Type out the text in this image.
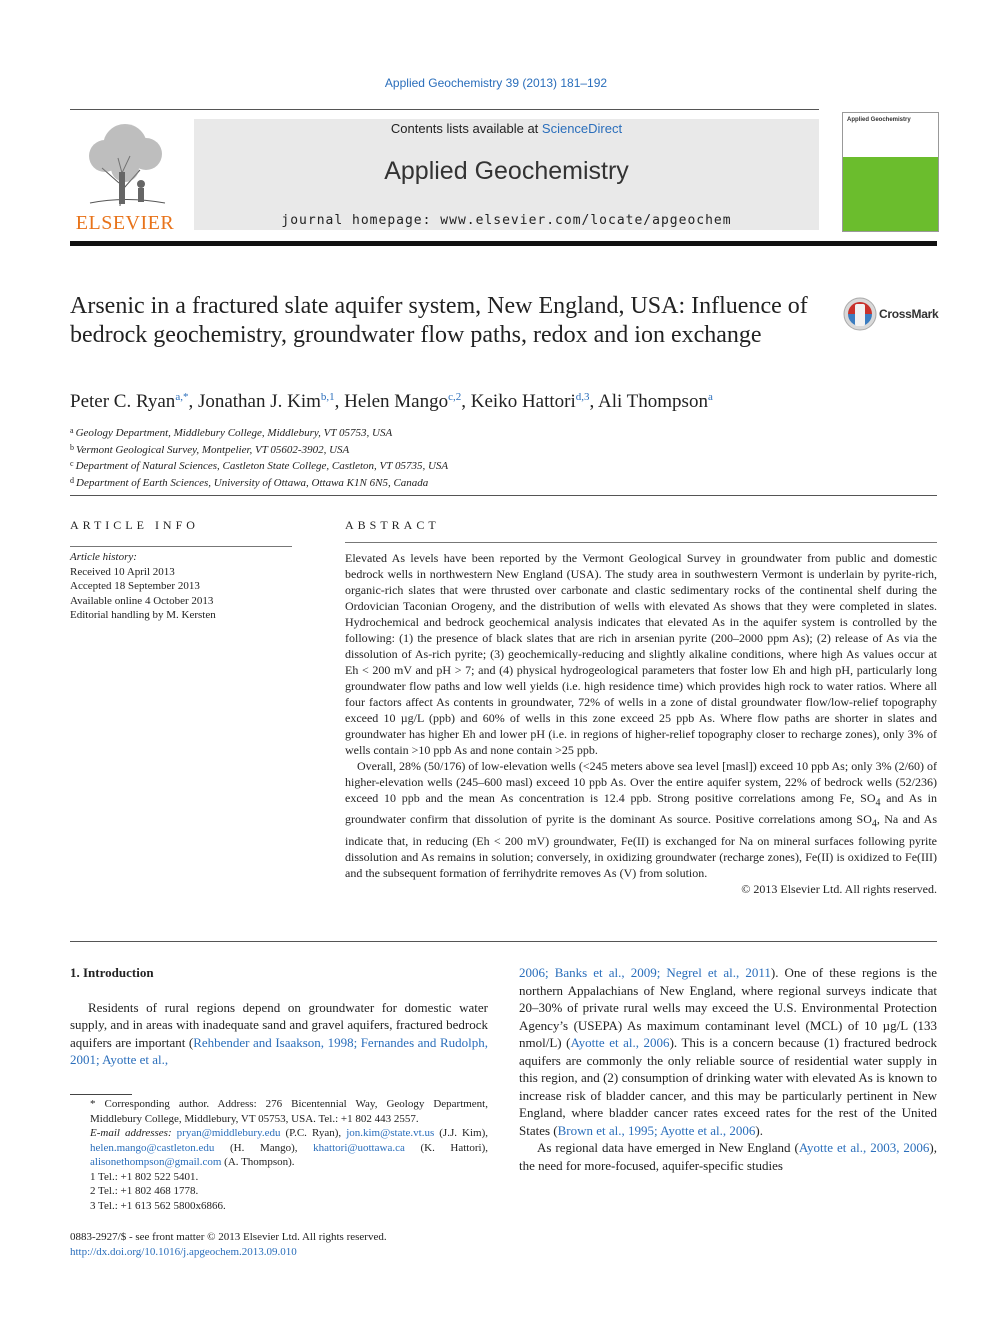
Applied Geochemistry 39 (2013) 181–192
ELSEVIER
Contents lists available at ScienceDirect
Applied Geochemistry
journal homepage: www.elsevier.com/locate/apgeochem
Applied Geochemistry
Arsenic in a fractured slate aquifer system, New England, USA: Influence of bedrock geochemistry, groundwater flow paths, redox and ion exchange
CrossMark
Peter C. Ryan$^{a,*}$, Jonathan J. Kim$^{b,1}$, Helen Mango$^{c,2}$, Keiko Hattori$^{d,3}$, Ali Thompson$^a$
$^a$ Geology Department, Middlebury College, Middlebury, VT 05753, USA
$^b$ Vermont Geological Survey, Montpelier, VT 05602-3902, USA
$^c$ Department of Natural Sciences, Castleton State College, Castleton, VT 05735, USA
$^d$ Department of Earth Sciences, University of Ottawa, Ottawa K1N 6N5, Canada
ARTICLE INFO
Article history:
Received 10 April 2013
Accepted 18 September 2013
Available online 4 October 2013
Editorial handling by M. Kersten
ABSTRACT

Elevated As levels have been reported by the Vermont Geological Survey in groundwater from public and domestic bedrock wells in northwestern New England (USA). The study area in southwestern Vermont is underlain by pyrite-rich, organic-rich slates that were thrusted over carbonate and clastic sedimentary rocks of the continental shelf during the Ordovician Taconian Orogeny, and the distribution of wells with elevated As shows that they were completed in slates. Hydrochemical and bedrock geochemical analysis indicates that elevated As in the aquifer system is controlled by the following: (1) the presence of black slates that are rich in arsenian pyrite (200–2000 ppm As); (2) release of As via the dissolution of As-rich pyrite; (3) geochemically-reducing and slightly alkaline conditions, where high As values occur at Eh < 200 mV and pH > 7; and (4) physical hydrogeological parameters that foster low Eh and high pH, particularly long groundwater flow paths and low well yields (i.e. high residence time) which provides high rock to water ratios. Where all four factors affect As contents in groundwater, 72% of wells in a zone of distal groundwater flow/low-relief topography exceed 10 µg/L (ppb) and 60% of wells in this zone exceed 25 ppb As. Where flow paths are shorter in slates and groundwater has higher Eh and lower pH (i.e. in regions of higher-relief topography closer to recharge zones), only 3% of wells contain >10 ppb As and none contain >25 ppb.

Overall, 28% (50/176) of low-elevation wells (<245 meters above sea level [masl]) exceed 10 ppb As; only 3% (2/60) of higher-elevation wells (245–600 masl) exceed 10 ppb As. Over the entire aquifer system, 22% of bedrock wells (52/236) exceed 10 ppb and the mean As concentration is 12.4 ppb. Strong positive correlations among Fe, $SO_4$ and As in groundwater confirm that dissolution of pyrite is the dominant As source. Positive correlations among $SO_4$, Na and As indicate that, in reducing (Eh < 200 mV) groundwater, Fe(II) is exchanged for Na on mineral surfaces following pyrite dissolution and As remains in solution; conversely, in oxidizing groundwater (recharge zones), Fe(II) is oxidized to Fe(III) and the subsequent formation of ferrihydrite removes As (V) from solution.

© 2013 Elsevier Ltd. All rights reserved.

1. Introduction

Residents of rural regions depend on groundwater for domestic water supply, and in areas with inadequate sand and gravel aquifers, fractured bedrock aquifers are important (Rehbender and Isaakson, 1998; Fernandes and Rudolph, 2001; Ayotte et al.,

* Corresponding author. Address: 276 Bicentennial Way, Geology Department, Middlebury College, Middlebury, VT 05753, USA. Tel.: +1 802 443 2557.

E-mail addresses: pryan@middlebury.edu (P.C. Ryan), jon.kim@state.vt.us (J.J. Kim), helen.mango@castleton.edu (H. Mango), khattori@uottawa.ca (K. Hattori), alisonethompson@gmail.com (A. Thompson).

1 Tel.: +1 802 522 5401.

2 Tel.: +1 802 468 1778.

3 Tel.: +1 613 562 5800x6866.

0883-2927/$ - see front matter © 2013 Elsevier Ltd. All rights reserved.
http://dx.doi.org/10.1016/j.apgeochem.2013.09.010

2006; Banks et al., 2009; Negrel et al., 2011). One of these regions is the northern Appalachians of New England, where regional surveys indicate that 20–30% of private rural wells may exceed the U.S. Environmental Protection Agency’s (USEPA) As maximum contaminant level (MCL) of 10 µg/L (133 nmol/L) (Ayotte et al., 2006). This is a concern because (1) fractured bedrock aquifers are commonly the only reliable source of residential water supply in this region, and (2) consumption of drinking water with elevated As is known to increase risk of bladder cancer, and this may be particularly pertinent in New England, where bladder cancer rates exceed rates for the rest of the United States (Brown et al., 1995; Ayotte et al., 2006).

As regional data have emerged in New England (Ayotte et al., 2003, 2006), the need for more-focused, aquifer-specific studies
